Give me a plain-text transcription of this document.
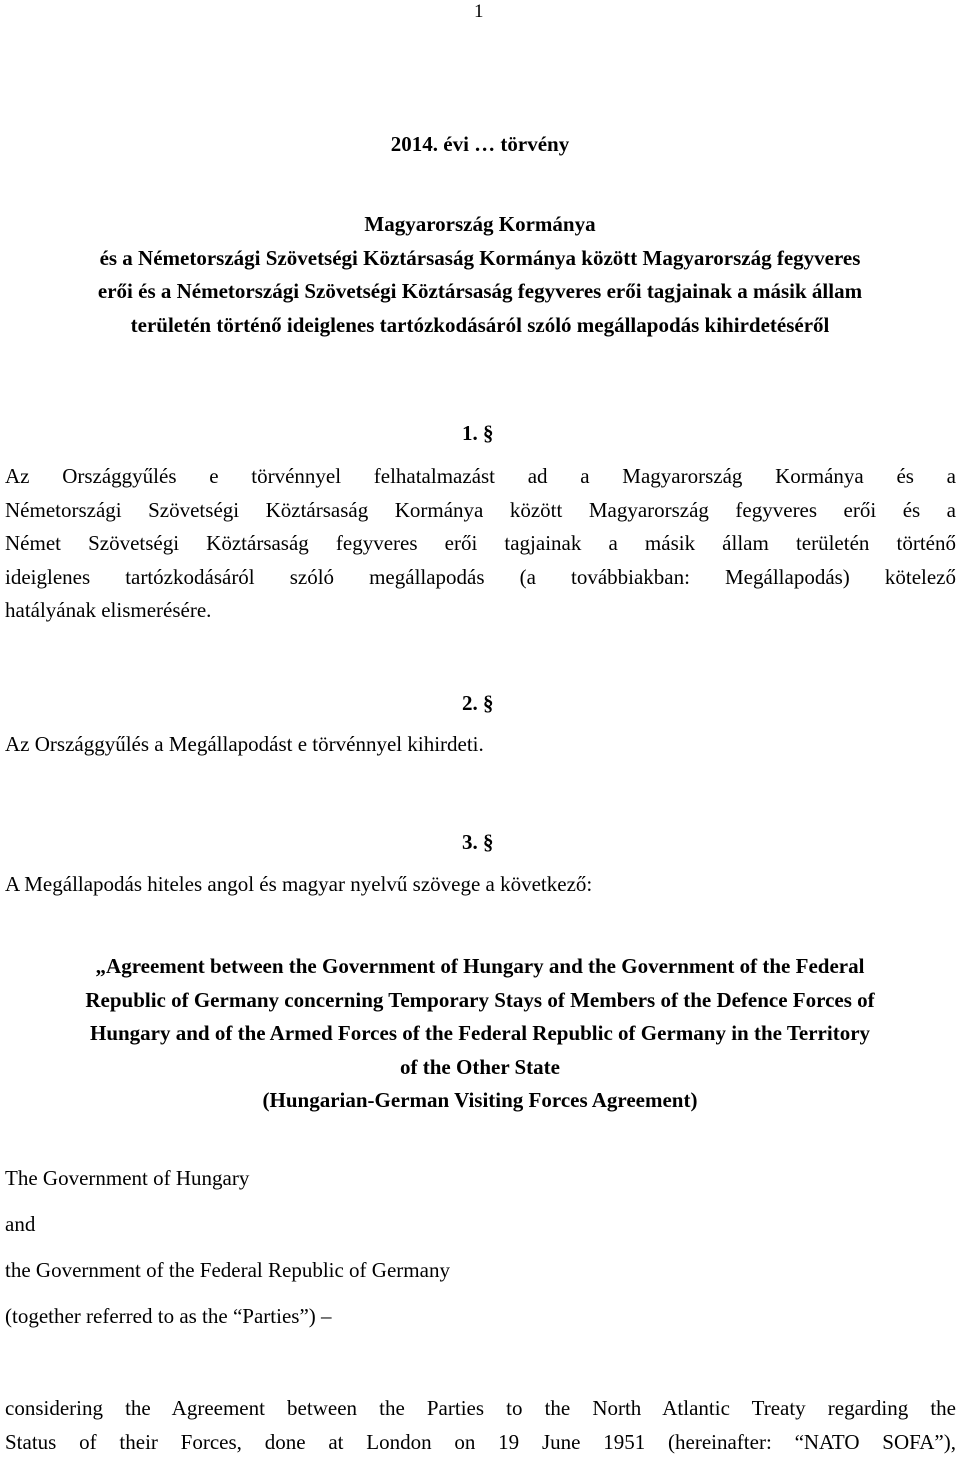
1
2014. évi … törvény
Magyarország Kormánya
és a Németországi Szövetségi Köztársaság Kormánya között Magyarország fegyveres
erői és a Németországi Szövetségi Köztársaság fegyveres erői tagjainak a másik állam
területén történő ideiglenes tartózkodásáról szóló megállapodás kihirdetéséről
1. §
Az Országgyűlés e törvénnyel felhatalmazást ad a Magyarország Kormánya és a
Németországi Szövetségi Köztársaság Kormánya között Magyarország fegyveres erői és a
Német Szövetségi Köztársaság fegyveres erői tagjainak a másik állam területén történő
ideiglenes tartózkodásáról szóló megállapodás (a továbbiakban: Megállapodás) kötelező
hatályának elismerésére.
2. §
Az Országgyűlés a Megállapodást e törvénnyel kihirdeti.
3. §
A Megállapodás hiteles angol és magyar nyelvű szövege a következő:
„Agreement between the Government of Hungary and the Government of the Federal
Republic of Germany concerning Temporary Stays of Members of the Defence Forces of
Hungary and of the Armed Forces of the Federal Republic of Germany in the Territory
of the Other State
(Hungarian-German Visiting Forces Agreement)
The Government of Hungary
and
the Government of the Federal Republic of Germany
(together referred to as the “Parties”) –
considering the Agreement between the Parties to the North Atlantic Treaty regarding the
Status of their Forces, done at London on 19 June 1951 (hereinafter: “NATO SOFA”),
